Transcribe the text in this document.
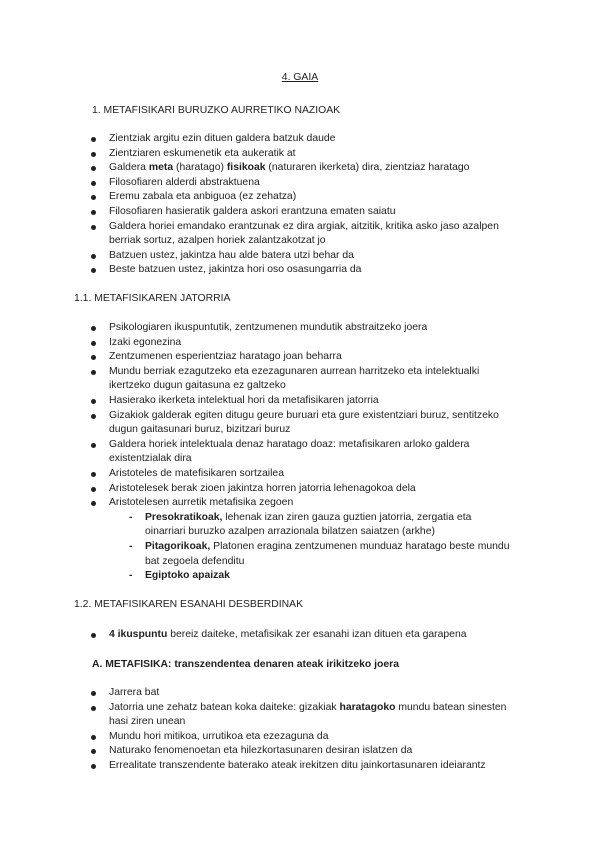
4. GAIA
1. METAFISIKARI BURUZKO AURRETIKO NAZIOAK
Zientziak argitu ezin dituen galdera batzuk daude
Zientziaren eskumenetik eta aukeratik at
Galdera meta (haratago) fisikoak (naturaren ikerketa) dira, zientziaz haratago
Filosofiaren alderdi abstraktuena
Eremu zabala eta anbiguoa (ez zehatza)
Filosofiaren hasieratik galdera askori erantzuna ematen saiatu
Galdera horiei emandako erantzunak ez dira argiak, aitzitik, kritika asko jaso azalpen berriak sortuz, azalpen horiek zalantzakotzat jo
Batzuen ustez, jakintza hau alde batera utzi behar da
Beste batzuen ustez, jakintza hori oso osasungarria da
1.1. METAFISIKAREN JATORRIA
Psikologiaren ikuspuntutik, zentzumenen mundutik abstraitzeko joera
Izaki egonezina
Zentzumenen esperientziaz haratago joan beharra
Mundu berriak ezagutzeko eta ezezagunaren aurrean harritzeko eta intelektualki ikertzeko dugun gaitasuna ez galtzeko
Hasierako ikerketa intelektual hori da metafisikaren jatorria
Gizakiok galderak egiten ditugu geure buruari eta gure existentziari buruz, sentitzeko dugun gaitasunari buruz, bizitzari buruz
Galdera horiek intelektuala denaz haratago doaz: metafisikaren arloko galdera existentzialak dira
Aristoteles de matefisikaren sortzailea
Aristotelesek berak zioen jakintza horren jatorria lehenagokoa dela
Aristotelesen aurretik metafisika zegoen
- Presokratikoak, lehenak izan ziren gauza guztien jatorria, zergatia eta oinarriari buruzko azalpen arrazionala bilatzen saiatzen (arkhe)
- Pitagorikoak, Platonen eragina zentzumenen munduaz haratago beste mundu bat zegoela defenditu
- Egiptoko apaizak
1.2. METAFISIKAREN ESANAHI DESBERDINAK
4 ikuspuntu bereiz daiteke, metafisikak zer esanahi izan dituen eta garapena
A. METAFISIKA: transzendentea denaren ateak irikitzeko joera
Jarrera bat
Jatorria une zehatz batean koka daiteke: gizakiak haratagoko mundu batean sinesten hasi ziren unean
Mundu hori mitikoa, urrutikoa eta ezezaguna da
Naturako fenomenoetan eta hilezkortasunaren desiran islatzen da
Errealitate transzendente baterako ateak irekitzen ditu jainkortasunaren ideiarantz
